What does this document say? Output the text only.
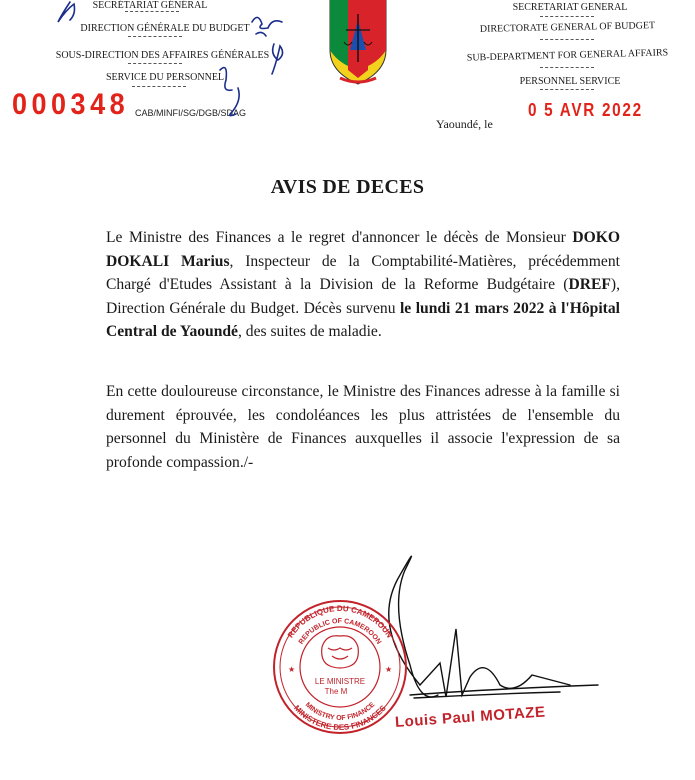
SECRÉTARIAT GÉNÉRAL
DIRECTION GÉNÉRALE DU BUDGET
SOUS-DIRECTION DES AFFAIRES GÉNÉRALES
SERVICE DU PERSONNEL
000348 CAB/MINFI/SG/DGB/SDAG
SECRETARIAT GENERAL
DIRECTORATE GENERAL OF BUDGET
SUB-DEPARTMENT FOR GENERAL AFFAIRS
PERSONNEL SERVICE
Yaoundé, le
0 5 AVR 2022
AVIS DE DECES
Le Ministre des Finances a le regret d'annoncer le décès de Monsieur DOKO DOKALI Marius, Inspecteur de la Comptabilité-Matières, précédemment Chargé d'Etudes Assistant à la Division de la Reforme Budgétaire (DREF), Direction Générale du Budget. Décès survenu le lundi 21 mars 2022 à l'Hôpital Central de Yaoundé, des suites de maladie.
En cette douloureuse circonstance, le Ministre des Finances adresse à la famille si durement éprouvée, les condoléances les plus attristées de l'ensemble du personnel du Ministère de Finances auxquelles il associe l'expression de sa profonde compassion./-
REPUBLIQUE DU CAMEROUN
REPUBLIC OF CAMEROON
MINISTERE DES FINANCES
MINISTRY OF FINANCE
LE MINISTRE
The M
★	★
Louis Paul MOTAZE
